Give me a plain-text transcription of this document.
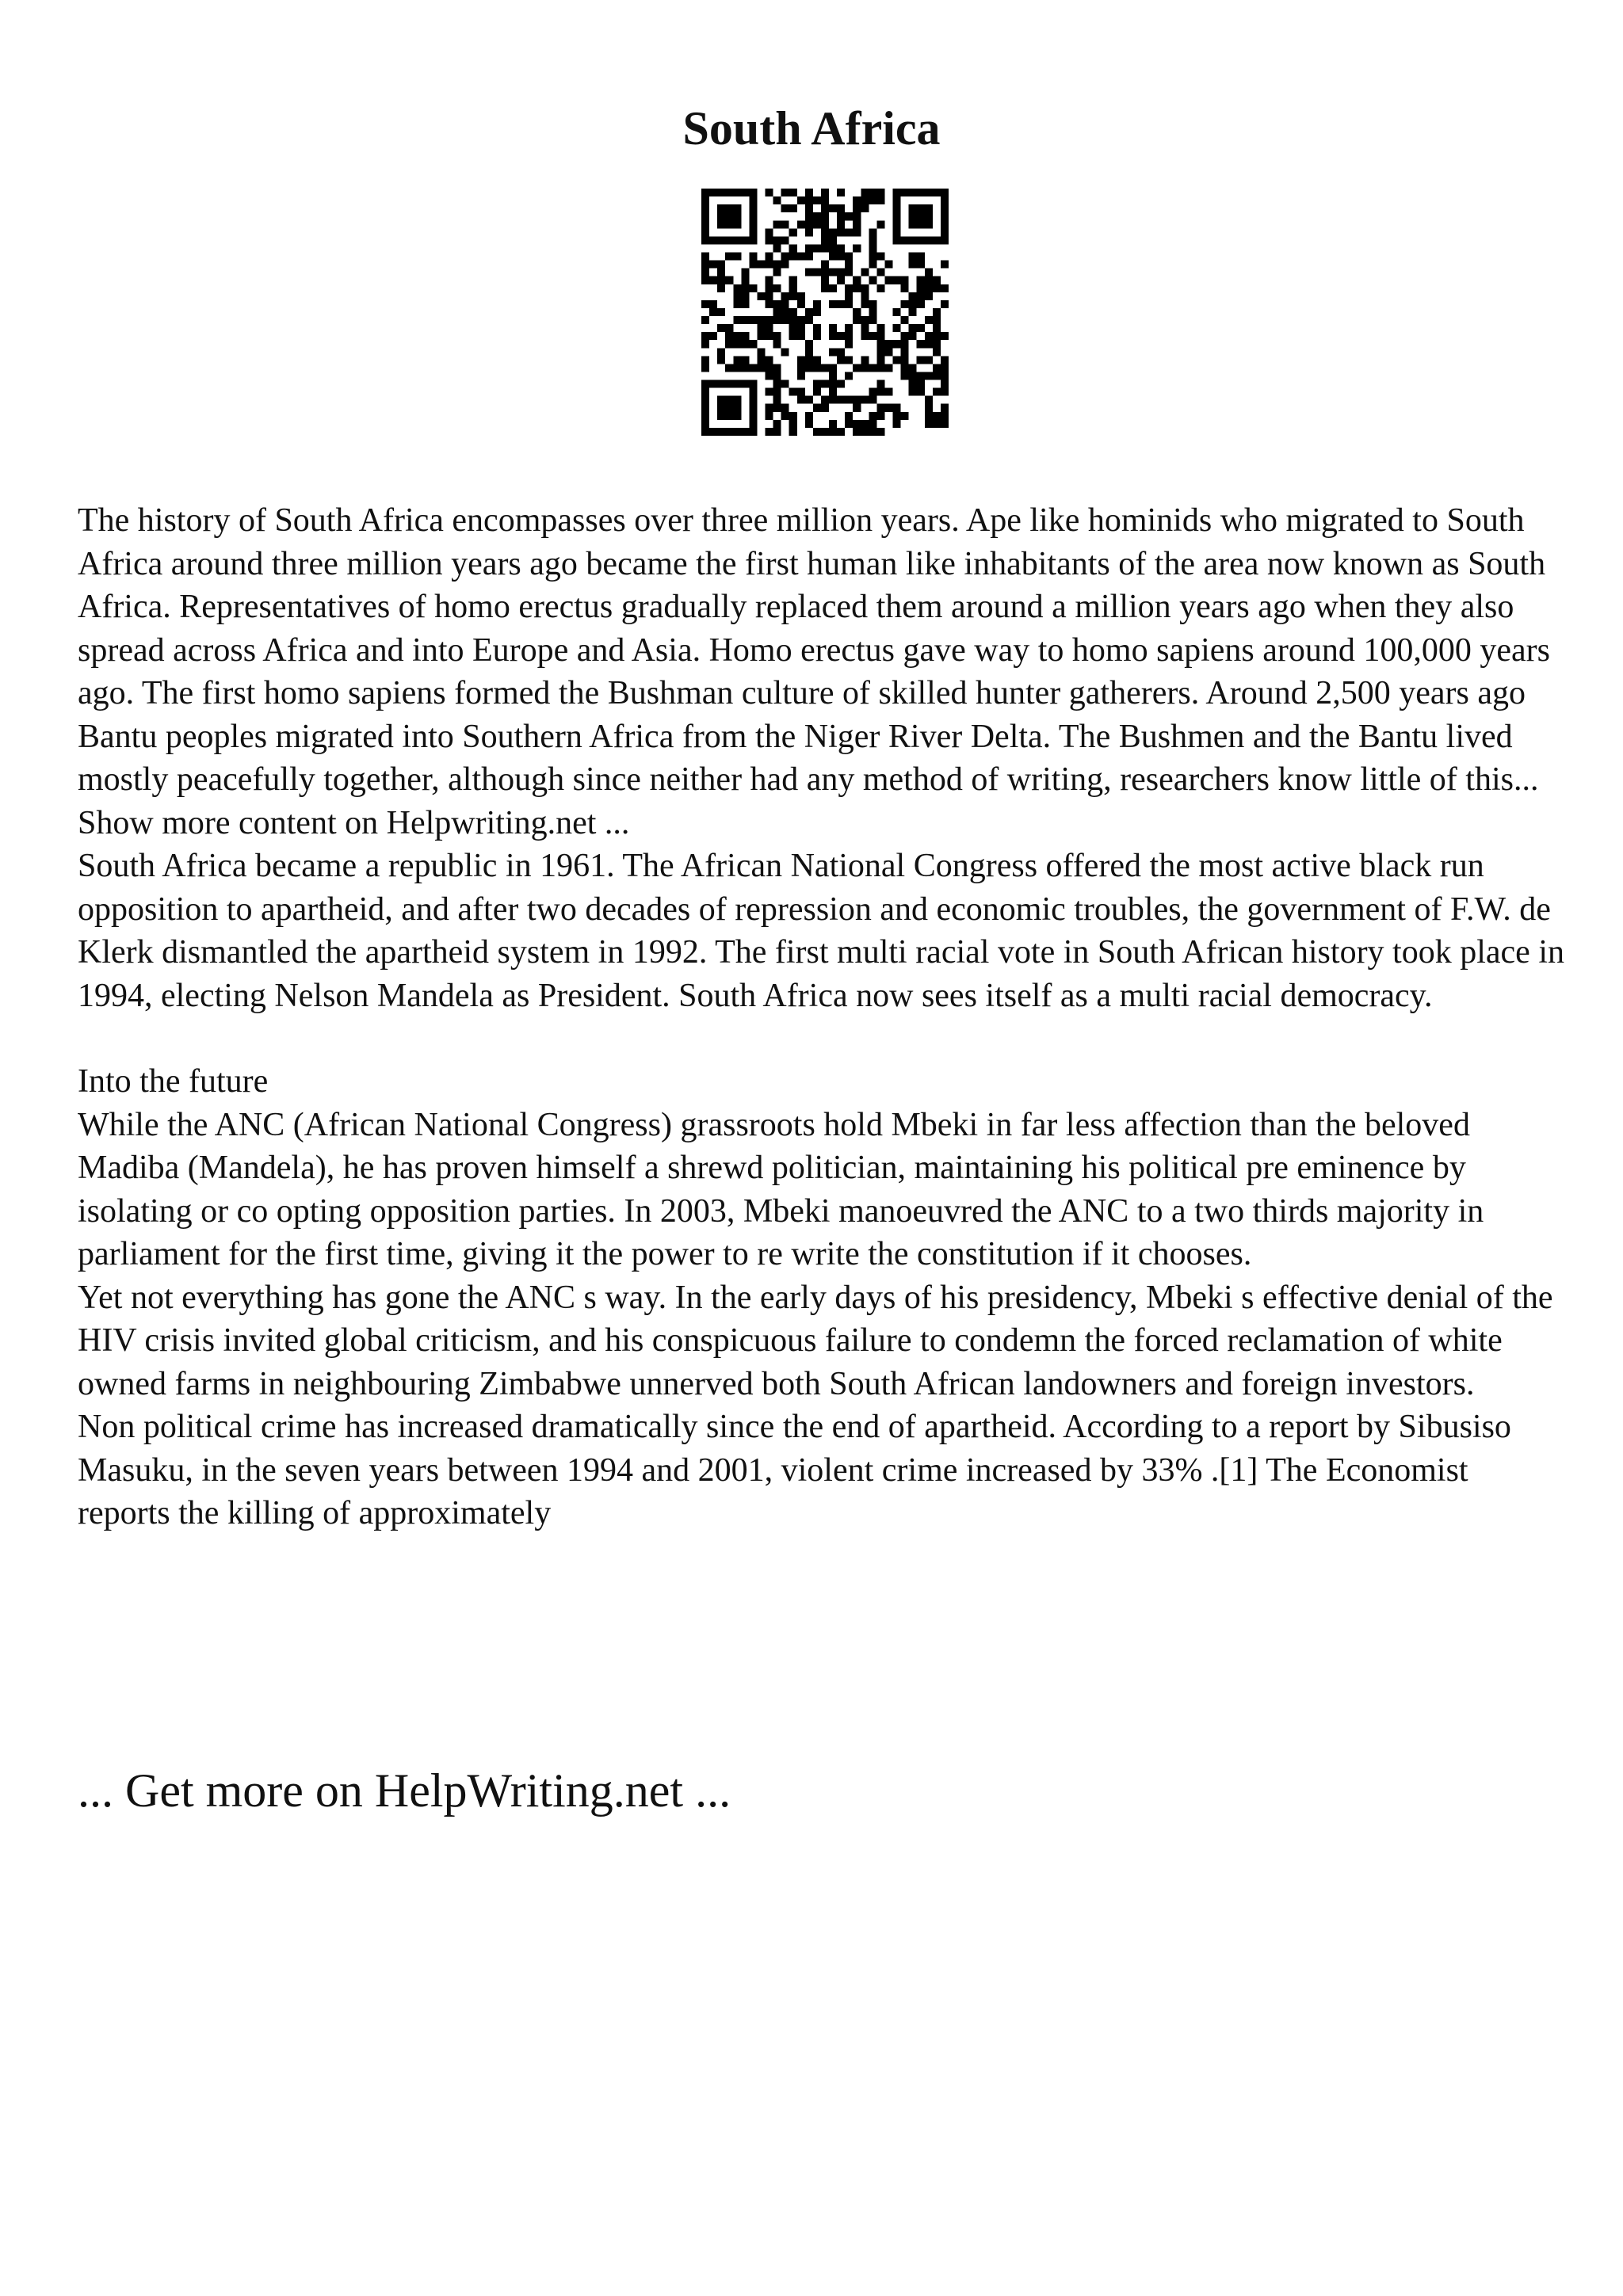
South Africa

The history of South Africa encompasses over three million years. Ape like hominids who migrated to South Africa around three million years ago became the first human like inhabitants of the area now known as South Africa. Representatives of homo erectus gradually replaced them around a million years ago when they also spread across Africa and into Europe and Asia. Homo erectus gave way to homo sapiens around 100,000 years ago. The first homo sapiens formed the Bushman culture of skilled hunter gatherers. Around 2,500 years ago Bantu peoples migrated into Southern Africa from the Niger River Delta. The Bushmen and the Bantu lived mostly peacefully together, although since neither had any method of writing, researchers know little of this... Show more content on Helpwriting.net ...

South Africa became a republic in 1961. The African National Congress offered the most active black run opposition to apartheid, and after two decades of repression and economic troubles, the government of F.W. de Klerk dismantled the apartheid system in 1992. The first multi racial vote in South African history took place in 1994, electing Nelson Mandela as President. South Africa now sees itself as a multi racial democracy.

Into the future

While the ANC (African National Congress) grassroots hold Mbeki in far less affection than the beloved Madiba (Mandela), he has proven himself a shrewd politician, maintaining his political pre eminence by isolating or co opting opposition parties. In 2003, Mbeki manoeuvred the ANC to a two thirds majority in parliament for the first time, giving it the power to re write the constitution if it chooses.

Yet not everything has gone the ANC s way. In the early days of his presidency, Mbeki s effective denial of the HIV crisis invited global criticism, and his conspicuous failure to condemn the forced reclamation of white owned farms in neighbouring Zimbabwe unnerved both South African landowners and foreign investors.

Non political crime has increased dramatically since the end of apartheid. According to a report by Sibusiso Masuku, in the seven years between 1994 and 2001, violent crime increased by 33% .[1] The Economist reports the killing of approximately

... Get more on HelpWriting.net ...
